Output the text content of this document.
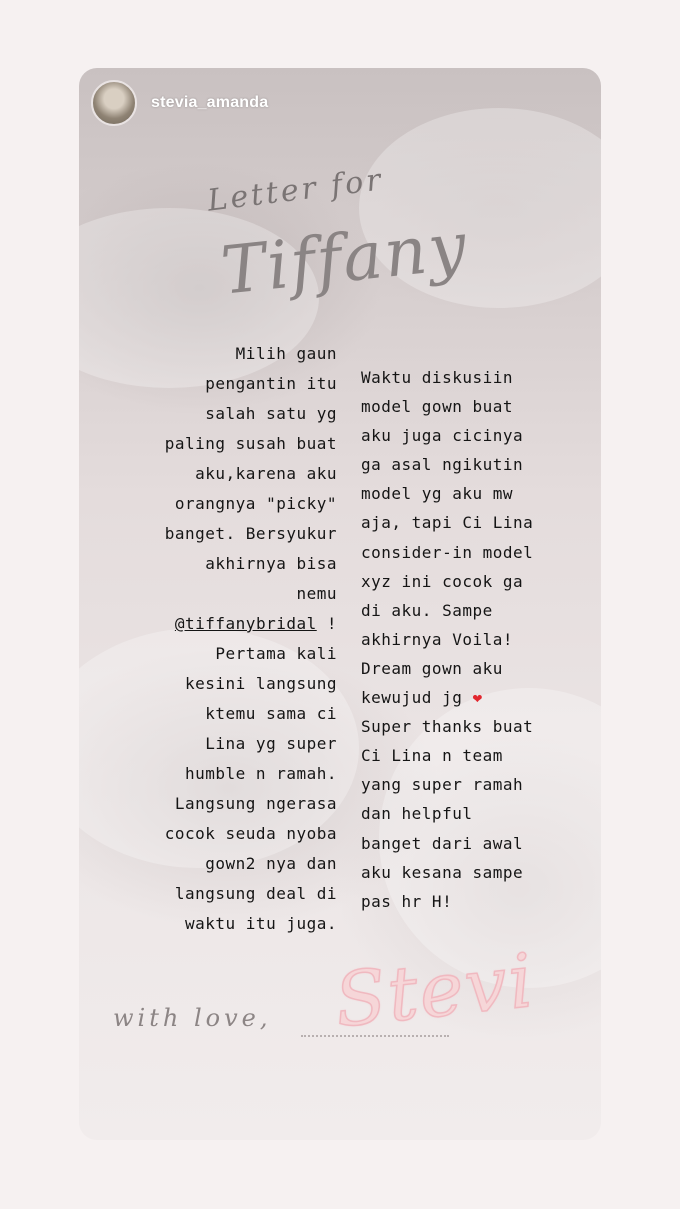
stevia_amanda
Letter for
Tiffany
Milih gaun
pengantin itu
salah satu yg
paling susah buat
aku,karena aku
orangnya "picky"
banget. Bersyukur
akhirnya bisa
nemu
@tiffanybridal !
Pertama kali
kesini langsung
ktemu sama ci
Lina yg super
humble n ramah.
Langsung ngerasa
cocok seuda nyoba
gown2 nya dan
langsung deal di
waktu itu juga.
Waktu diskusiin
model gown buat
aku juga cicinya
ga asal ngikutin
model yg aku mw
aja, tapi Ci Lina
consider-in model
xyz ini cocok ga
di aku. Sampe
akhirnya Voila!
Dream gown aku
kewujud jg ❤
Super thanks buat
Ci Lina n team
yang super ramah
dan helpful
banget dari awal
aku kesana sampe
pas hr H!
with love, Stevi
